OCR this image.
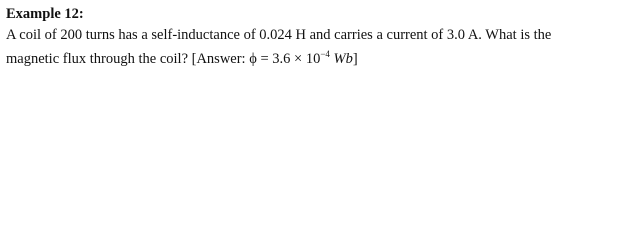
Example 12:
A coil of 200 turns has a self-inductance of 0.024 H and carries a current of 3.0 A. What is the
magnetic flux through the coil? [Answer: $\phi = 3.6 \times 10^{-4}$ Wb]
